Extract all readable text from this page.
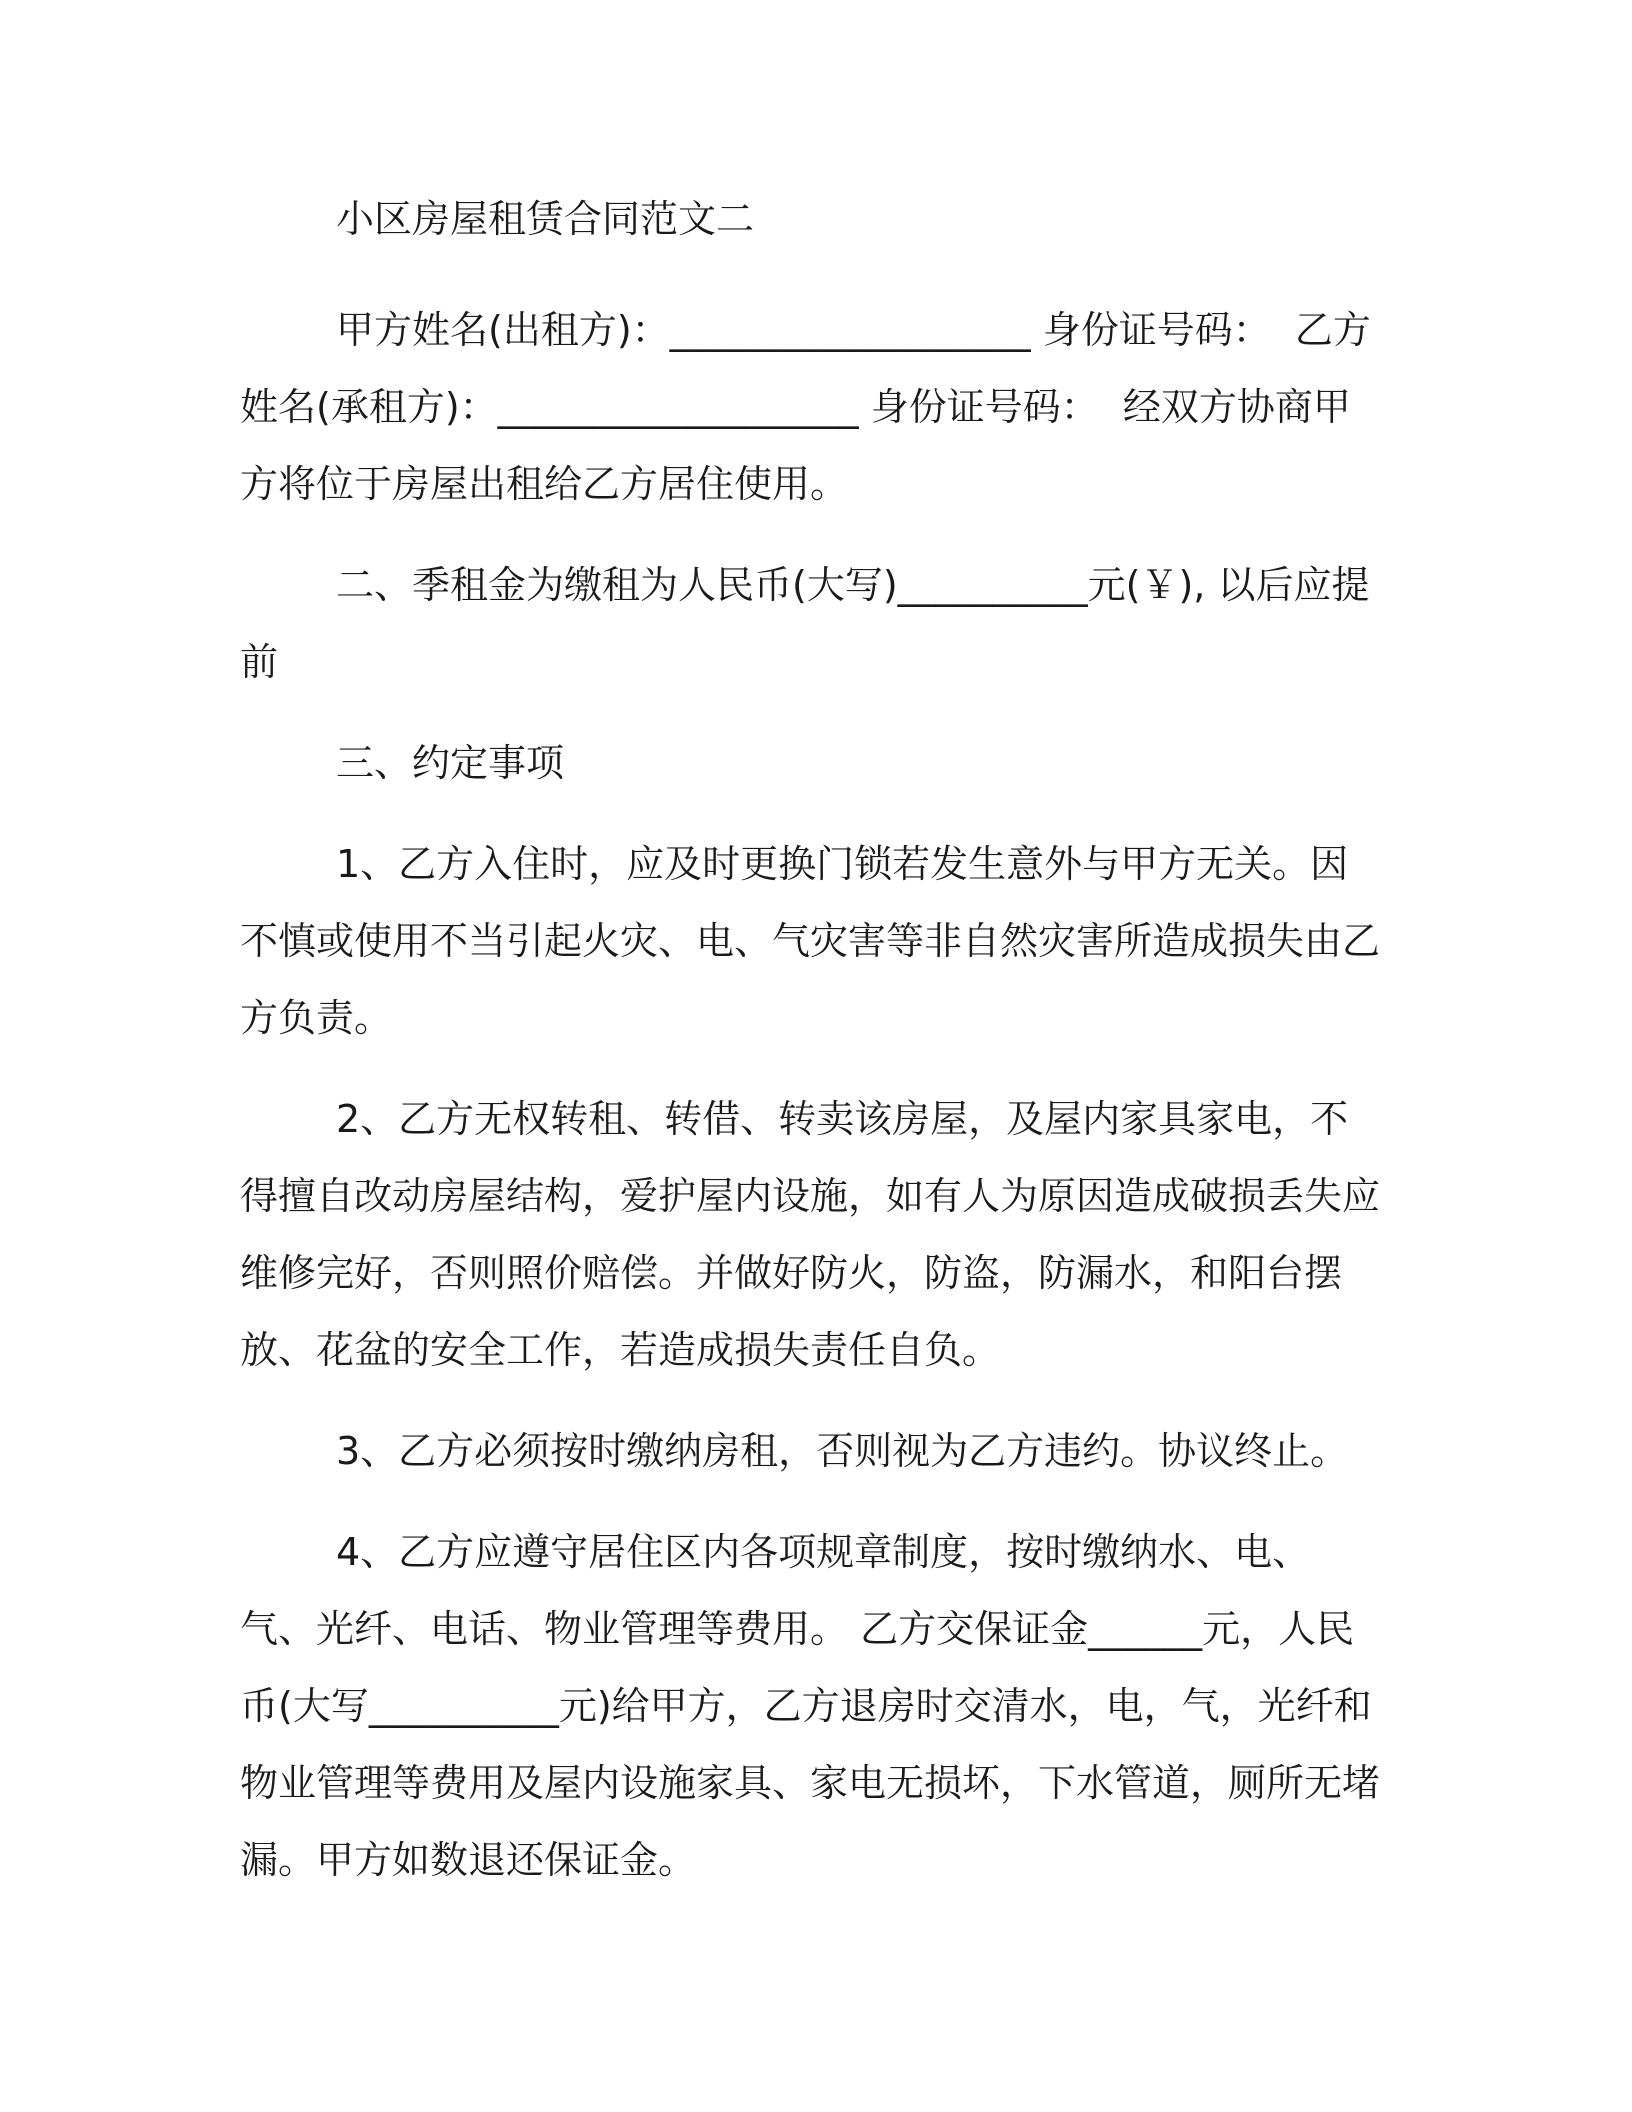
小区房屋租赁合同范文二

甲方姓名(出租方)：___________________ 身份证号码：  乙方姓名(承租方)：___________________ 身份证号码：  经双方协商甲方将位于房屋出租给乙方居住使用。

二、季租金为缴租为人民币(大写)__________元(￥), 以后应提前

三、约定事项

1、乙方入住时，应及时更换门锁若发生意外与甲方无关。因不慎或使用不当引起火灾、电、气灾害等非自然灾害所造成损失由乙方负责。

2、乙方无权转租、转借、转卖该房屋，及屋内家具家电，不得擅自改动房屋结构，爱护屋内设施，如有人为原因造成破损丢失应维修完好，否则照价赔偿。并做好防火，防盗，防漏水，和阳台摆放、花盆的安全工作，若造成损失责任自负。

3、乙方必须按时缴纳房租，否则视为乙方违约。协议终止。

4、乙方应遵守居住区内各项规章制度，按时缴纳水、电、气、光纤、电话、物业管理等费用。 乙方交保证金______元，人民币(大写__________元)给甲方，乙方退房时交清水，电，气，光纤和物业管理等费用及屋内设施家具、家电无损坏，下水管道，厕所无堵漏。甲方如数退还保证金。
